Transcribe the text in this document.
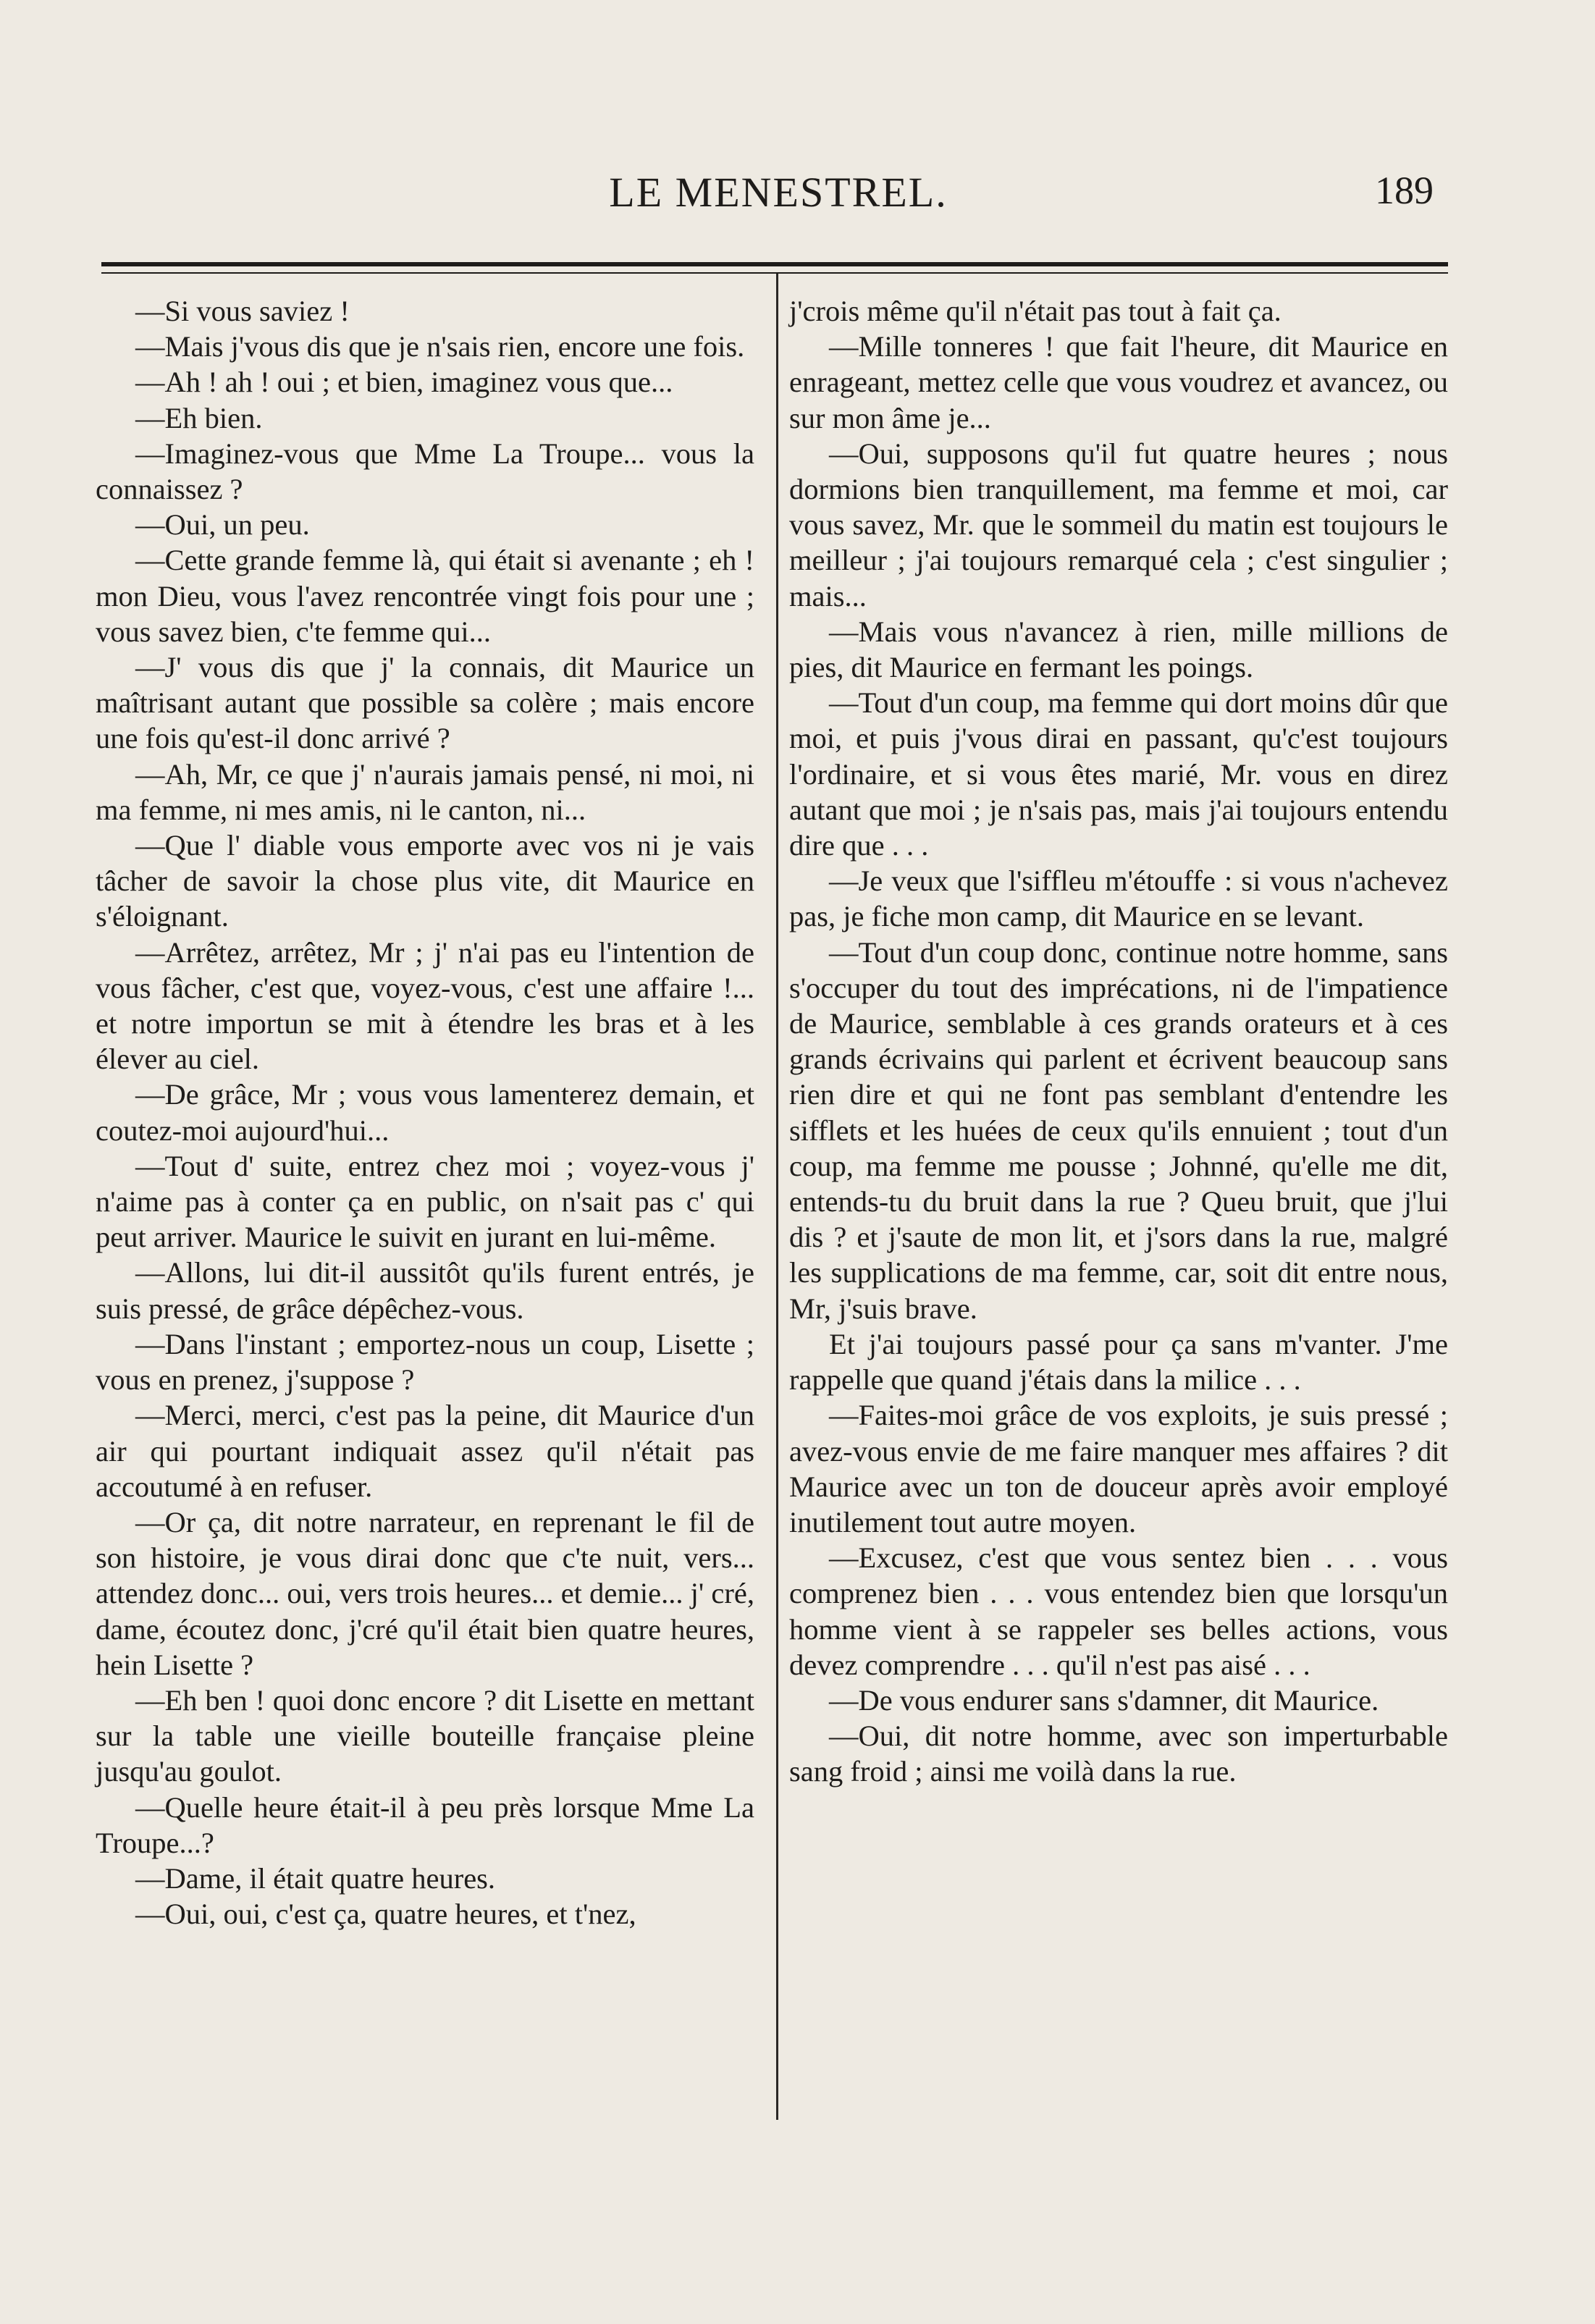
LE MENESTREL.	189

—Si vous saviez !

—Mais j'vous dis que je n'sais rien, encore une fois.

—Ah ! ah ! oui ; et bien, imaginez vous que...

—Eh bien.

—Imaginez-vous que Mme La Troupe... vous la connaissez ?

—Oui, un peu.

—Cette grande femme là, qui était si avenante ; eh ! mon Dieu, vous l'avez rencontrée vingt fois pour une ; vous savez bien, c'te femme qui...

—J' vous dis que j' la connais, dit Maurice un maîtrisant autant que possible sa colère ; mais encore une fois qu'est-il donc arrivé ?

—Ah, Mr, ce que j' n'aurais jamais pensé, ni moi, ni ma femme, ni mes amis, ni le canton, ni...

—Que l' diable vous emporte avec vos ni je vais tâcher de savoir la chose plus vite, dit Maurice en s'éloignant.

—Arrêtez, arrêtez, Mr ; j' n'ai pas eu l'intention de vous fâcher, c'est que, voyez-vous, c'est une affaire !... et notre importun se mit à étendre les bras et à les élever au ciel.

—De grâce, Mr ; vous vous lamenterez demain, et coutez-moi aujourd'hui...

—Tout d' suite, entrez chez moi ; voyez-vous j' n'aime pas à conter ça en public, on n'sait pas c' qui peut arriver. Maurice le suivit en jurant en lui-même.

—Allons, lui dit-il aussitôt qu'ils furent entrés, je suis pressé, de grâce dépêchez-vous.

—Dans l'instant ; emportez-nous un coup, Lisette ; vous en prenez, j'suppose ?

—Merci, merci, c'est pas la peine, dit Maurice d'un air qui pourtant indiquait assez qu'il n'était pas accoutumé à en refuser.

—Or ça, dit notre narrateur, en reprenant le fil de son histoire, je vous dirai donc que c'te nuit, vers... attendez donc... oui, vers trois heures... et demie... j' cré, dame, écoutez donc, j'cré qu'il était bien quatre heures, hein Lisette ?

—Eh ben ! quoi donc encore ? dit Lisette en mettant sur la table une vieille bouteille française pleine jusqu'au goulot.

—Quelle heure était-il à peu près lorsque Mme La Troupe...?

—Dame, il était quatre heures.

—Oui, oui, c'est ça, quatre heures, et t'nez,

j'crois même qu'il n'était pas tout à fait ça.

—Mille tonneres ! que fait l'heure, dit Maurice en enrageant, mettez celle que vous voudrez et avancez, ou sur mon âme je...

—Oui, supposons qu'il fut quatre heures ; nous dormions bien tranquillement, ma femme et moi, car vous savez, Mr. que le sommeil du matin est toujours le meilleur ; j'ai toujours remarqué cela ; c'est singulier ; mais...

—Mais vous n'avancez à rien, mille millions de pies, dit Maurice en fermant les poings.

—Tout d'un coup, ma femme qui dort moins dûr que moi, et puis j'vous dirai en passant, qu'c'est toujours l'ordinaire, et si vous êtes marié, Mr. vous en direz autant que moi ; je n'sais pas, mais j'ai toujours entendu dire que . . .

—Je veux que l'siffleu m'étouffe : si vous n'achevez pas, je fiche mon camp, dit Maurice en se levant.

—Tout d'un coup donc, continue notre homme, sans s'occuper du tout des imprécations, ni de l'impatience de Maurice, semblable à ces grands orateurs et à ces grands écrivains qui parlent et écrivent beaucoup sans rien dire et qui ne font pas semblant d'entendre les sifflets et les huées de ceux qu'ils ennuient ; tout d'un coup, ma femme me pousse ; Johnné, qu'elle me dit, entends-tu du bruit dans la rue ? Queu bruit, que j'lui dis ? et j'saute de mon lit, et j'sors dans la rue, malgré les supplications de ma femme, car, soit dit entre nous, Mr, j'suis brave.

Et j'ai toujours passé pour ça sans m'vanter. J'me rappelle que quand j'étais dans la milice . . .

—Faites-moi grâce de vos exploits, je suis pressé ; avez-vous envie de me faire manquer mes affaires ? dit Maurice avec un ton de douceur après avoir employé inutilement tout autre moyen.

—Excusez, c'est que vous sentez bien . . . vous comprenez bien . . . vous entendez bien que lorsqu'un homme vient à se rappeler ses belles actions, vous devez comprendre . . . qu'il n'est pas aisé . . .

—De vous endurer sans s'damner, dit Maurice.

—Oui, dit notre homme, avec son imperturbable sang froid ; ainsi me voilà dans la rue.
